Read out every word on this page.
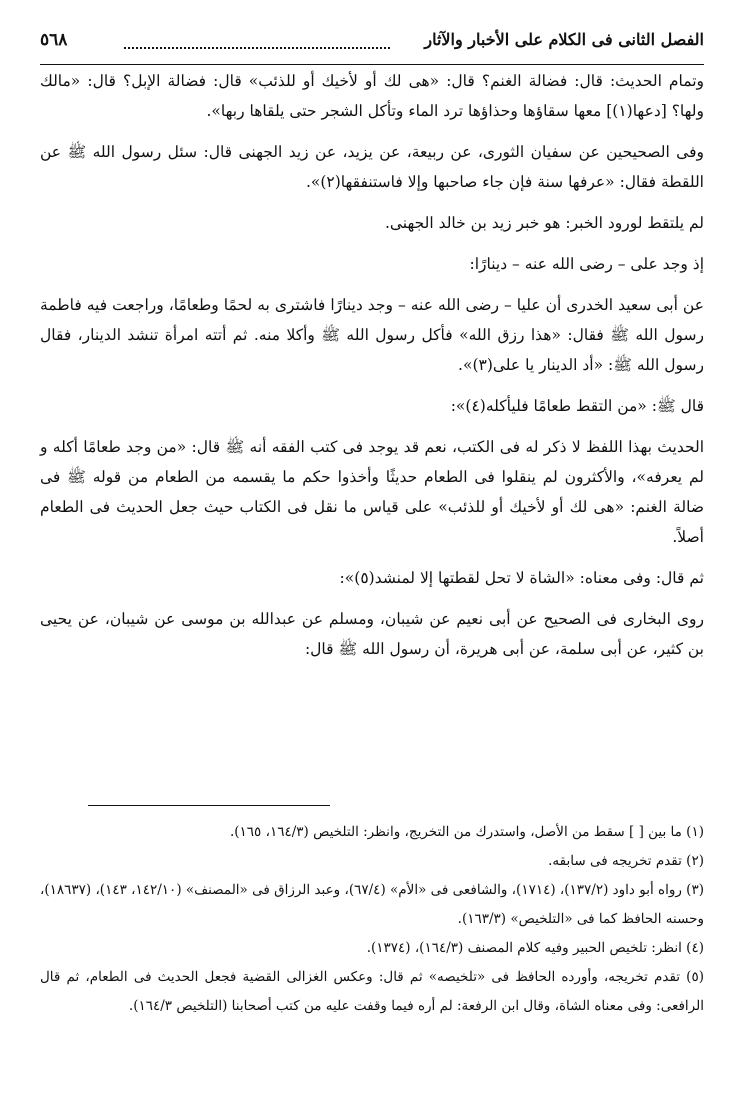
الفصل الثانى فى الكلام على الأخبار والآثار
٥٦٨

وتمام الحديث: قال: فضالة الغنم؟ قال: «هى لك أو لأخيك أو للذئب» قال: فضالة الإبل؟ قال: «مالك ولها؟ [دعها(١)] معها سقاؤها وحذاؤها ترد الماء وتأكل الشجر حتى يلقاها ربها».

وفى الصحيحين عن سفيان الثورى، عن ربيعة، عن يزيد، عن زيد الجهنى قال: سئل رسول الله ﷺ عن اللقطة فقال: «عرفها سنة فإن جاء صاحبها وإلا فاستنفقها(٢)».

لم يلتقط لورود الخبر: هو خبر زيد بن خالد الجهنى.

إذ وجد على – رضى الله عنه – دينارًا:

عن أبى سعيد الخدرى أن عليا – رضى الله عنه – وجد دينارًا فاشترى به لحمًا وطعامًا، وراجعت فيه فاطمة رسول الله ﷺ فقال: «هذا رزق الله» فأكل رسول الله ﷺ وأكلا منه. ثم أتته امرأة تنشد الدينار، فقال رسول الله ﷺ: «أد الدينار يا على(٣)».

قال ﷺ: «من التقط طعامًا فليأكله(٤)»:

الحديث بهذا اللفظ لا ذكر له فى الكتب، نعم قد يوجد فى كتب الفقه أنه ﷺ قال: «من وجد طعامًا أكله و لم يعرفه»، والأكثرون لم ينقلوا فى الطعام حديثًا وأخذوا حكم ما يقسمه من الطعام من قوله ﷺ فى ضالة الغنم: «هى لك أو لأخيك أو للذئب» على قياس ما نقل فى الكتاب حيث جعل الحديث فى الطعام أصلاً.

ثم قال: وفى معناه: «الشاة لا تحل لقطتها إلا لمنشد(٥)»:

روى البخارى فى الصحيح عن أبى نعيم عن شيبان، ومسلم عن عبدالله بن موسى عن شيبان، عن يحيى بن كثير، عن أبى سلمة، عن أبى هريرة، أن رسول الله ﷺ قال:

(١) ما بين [ ] سقط من الأصل، واستدرك من التخريج، وانظر: التلخيص (١٦٤/٣، ١٦٥).

(٢) تقدم تخريجه فى سابقه.

(٣) رواه أبو داود (١٣٧/٢)، (١٧١٤)، والشافعى فى «الأم» (٦٧/٤)، وعبد الرزاق فى «المصنف» (١٤٢/١٠، ١٤٣)، (١٨٦٣٧)، وحسنه الحافظ كما فى «التلخيص» (١٦٣/٣).

(٤) انظر: تلخيص الحبير وفيه كلام المصنف (١٦٤/٣)، (١٣٧٤).

(٥) تقدم تخريجه، وأورده الحافظ فى «تلخيصه» ثم قال: وعكس الغزالى القضية فجعل الحديث فى الطعام، ثم قال الرافعى: وفى معناه الشاة، وقال ابن الرفعة: لم أره فيما وقفت عليه من كتب أصحابنا (التلخيص ١٦٤/٣).
